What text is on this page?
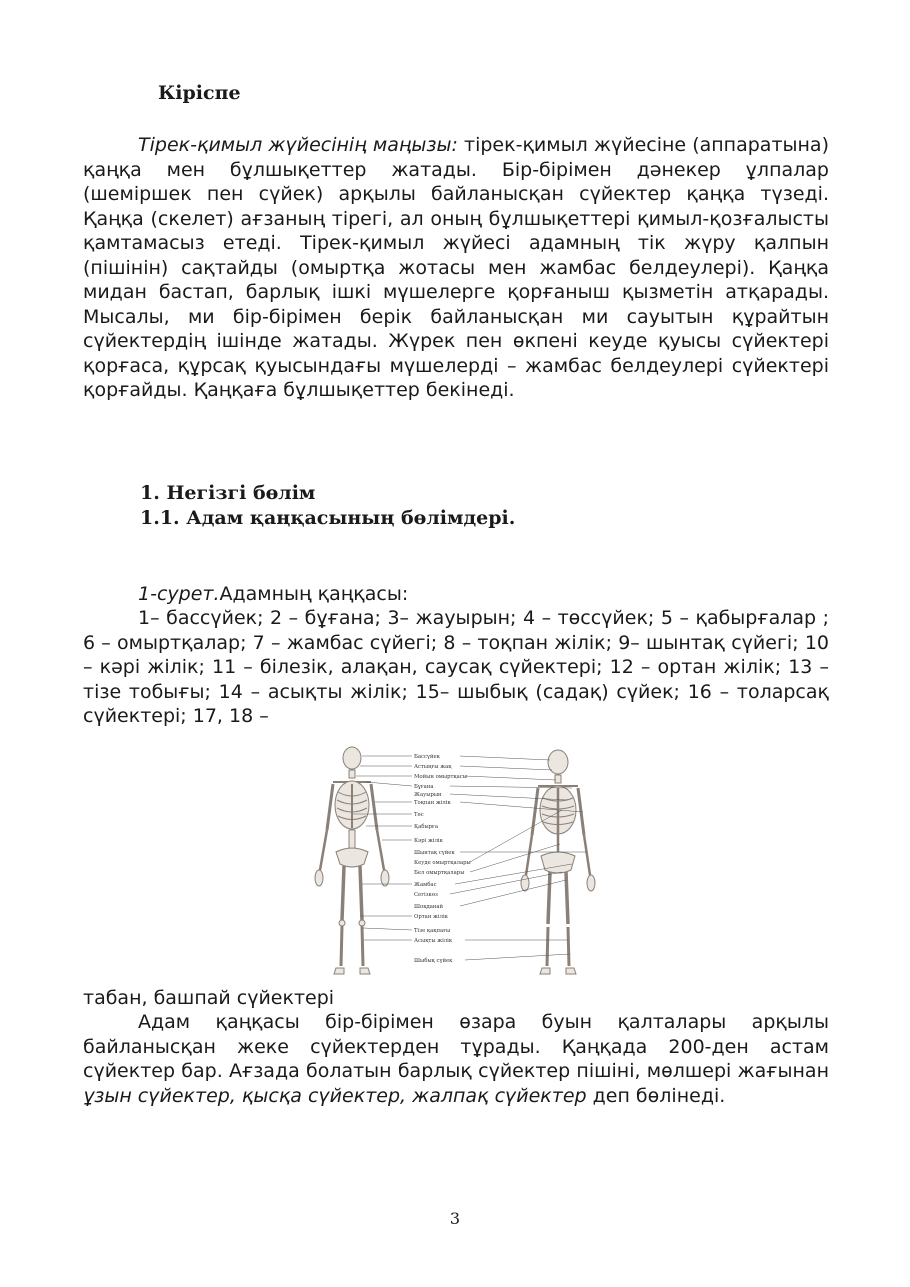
Кіріспе

Тірек-қимыл жүйесінің маңызы: тірек-қимыл жүйесіне (аппаратына) қаңқа мен бұлшықеттер жатады. Бір-бірімен дәнекер ұлпалар (шеміршек пен сүйек) арқылы байланысқан сүйектер қаңқа түзеді. Қаңқа (скелет) ағзаның тірегі, ал оның бұлшықеттері қимыл-қозғалысты қамтамасыз етеді. Тірек-қимыл жүйесі адамның тік жүру қалпын (пішінін) сақтайды (омыртқа жотасы мен жамбас белдеулері). Қаңқа мидан бастап, барлық ішкі мүшелерге қорғаныш қызметін атқарады. Мысалы, ми бір-бірімен берік байланысқан ми сауытын құрайтын сүйектердің ішінде жатады. Жүрек пен өкпені кеуде қуысы сүйектері қорғаса, құрсақ қуысындағы мүшелерді – жамбас белдеулері сүйектері қорғайды. Қаңқаға бұлшықеттер бекінеді.

1. Негізгі бөлім
1.1. Адам қаңқасының бөлімдері.

1-сурет.Адамның қаңқасы:

1– бассүйек; 2 – бұғана; 3– жауырын; 4 – төссүйек; 5 – қабырғалар ; 6 – омыртқалар; 7 – жамбас сүйегі; 8 – тоқпан жілік; 9– шынтақ сүйегі; 10 – кәрі жілік; 11 – білезік, алақан, саусақ сүйектері; 12 – ортан жілік; 13 – тізе тобығы; 14 – асықты жілік; 15– шыбық (садақ) сүйек; 16 – толарсақ сүйектері; 17, 18 –

Бассүйек
Астыңғы жақ
Мойын омыртқасы
Бұғана
Жауырын
Тоқпан жілік
Төс
Қабырға
Кәрі жілік
Шынтақ сүйек
Кеуде омыртқалары
Бел омыртқалары
Жамбас
Сегізкөз
Шоқданай
Ортан жілік
Тізе қақпағы
Асықты жілік
Шыбық сүйек

табан, башпай сүйектері

Адам қаңқасы бір-бірімен өзара буын қалталары арқылы байланысқан жеке сүйектерден тұрады. Қаңқада 200-ден астам сүйектер бар. Ағзада болатын барлық сүйектер пішіні, мөлшері жағынан ұзын сүйектер, қысқа сүйектер, жалпақ сүйектер деп бөлінеді.

3
